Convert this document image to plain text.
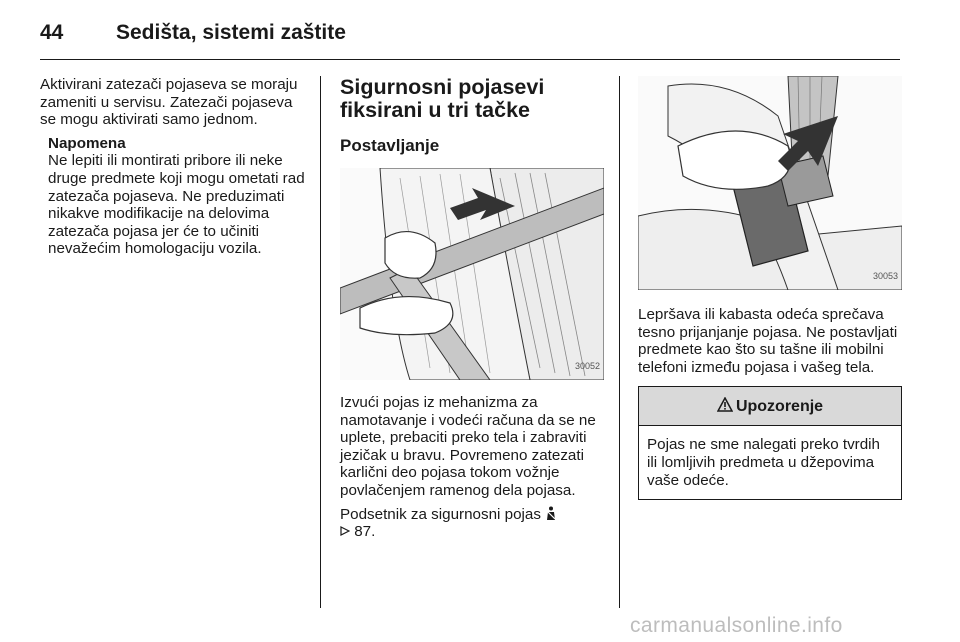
44	Sedišta, sistemi zaštite

Aktivirani zatezači pojaseva se moraju zameniti u servisu. Zatezači pojaseva se mogu aktivirati samo jednom.

Napomena
Ne lepiti ili montirati pribore ili neke druge predmete koji mogu ometati rad zatezača pojaseva. Ne preduzimati nikakve modifikacije na delovima zatezača pojasa jer će to učiniti nevažećim homologaciju vozila.
Sigurnosni pojasevi fiksirani u tri tačke
Postavljanje
30052

Izvući pojas iz mehanizma za namotavanje i vodeći računa da se ne uplete, prebaciti preko tela i zabraviti jezičak u bravu. Povremeno zatezati karlični deo pojasa tokom vožnje povlačenjem ramenog dela pojasa.

Podsetnik za sigurnosni pojas
87.

30053

Lepršava ili kabasta odeća sprečava tesno prijanjanje pojasa. Ne postavljati predmete kao što su tašne ili mobilni telefoni između pojasa i vašeg tela.

Upozorenje
Pojas ne sme nalegati preko tvrdih ili lomljivih predmeta u džepovima vaše odeće.
carmanualsonline.info
